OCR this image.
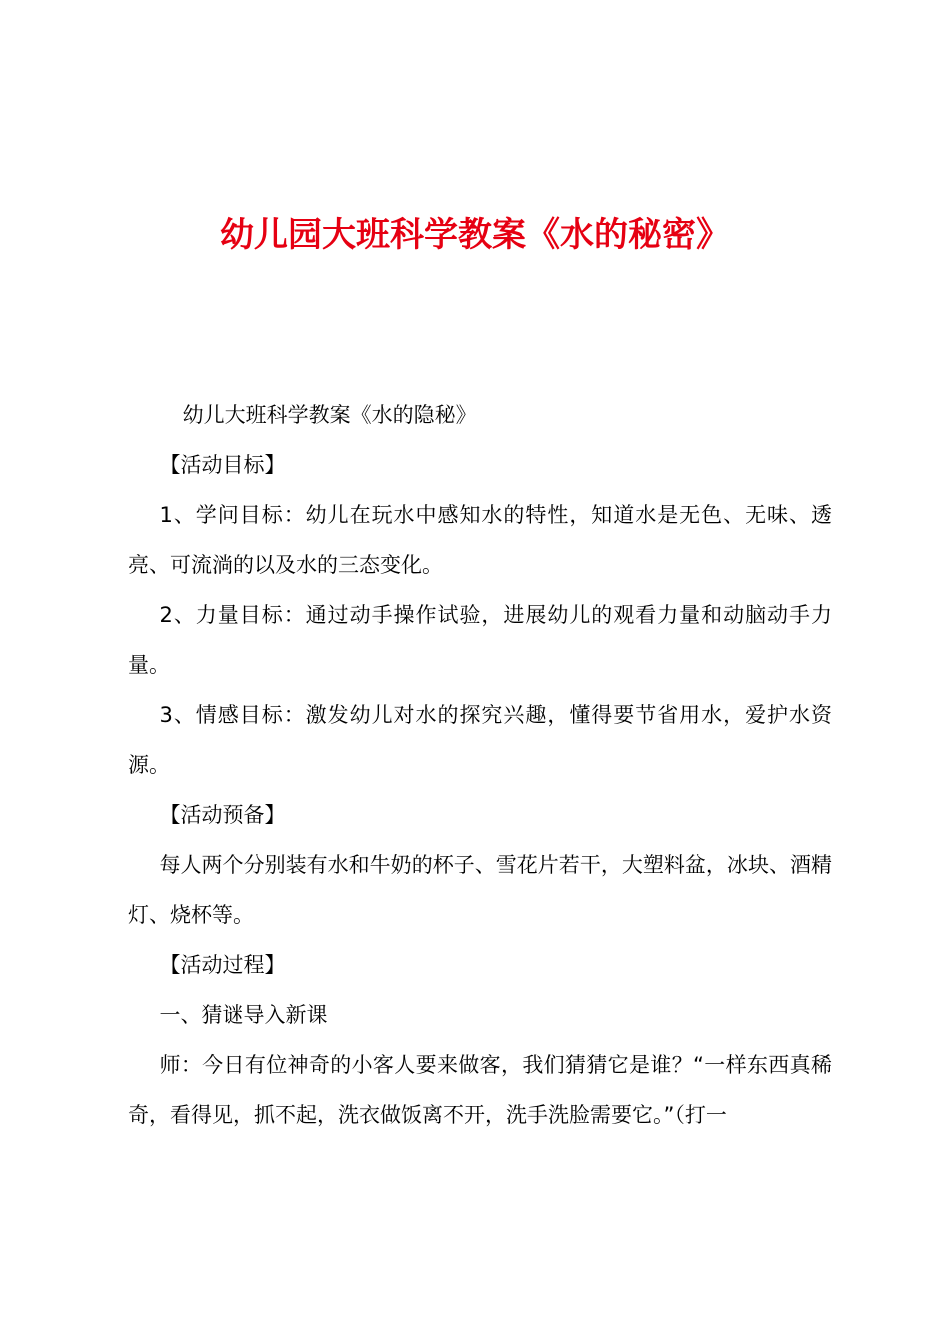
幼儿园大班科学教案《水的秘密》

幼儿大班科学教案《水的隐秘》

【活动目标】

1、学问目标：幼儿在玩水中感知水的特性，知道水是无色、无味、透亮、可流淌的以及水的三态变化。

2、力量目标：通过动手操作试验，进展幼儿的观看力量和动脑动手力量。

3、情感目标：激发幼儿对水的探究兴趣，懂得要节省用水，爱护水资源。

【活动预备】

每人两个分别装有水和牛奶的杯子、雪花片若干，大塑料盆，冰块、酒精灯、烧杯等。

【活动过程】

一、猜谜导入新课

师：今日有位神奇的小客人要来做客，我们猜猜它是谁？“一样东西真稀奇，看得见，抓不起，洗衣做饭离不开，洗手洗脸需要它。”（打一
